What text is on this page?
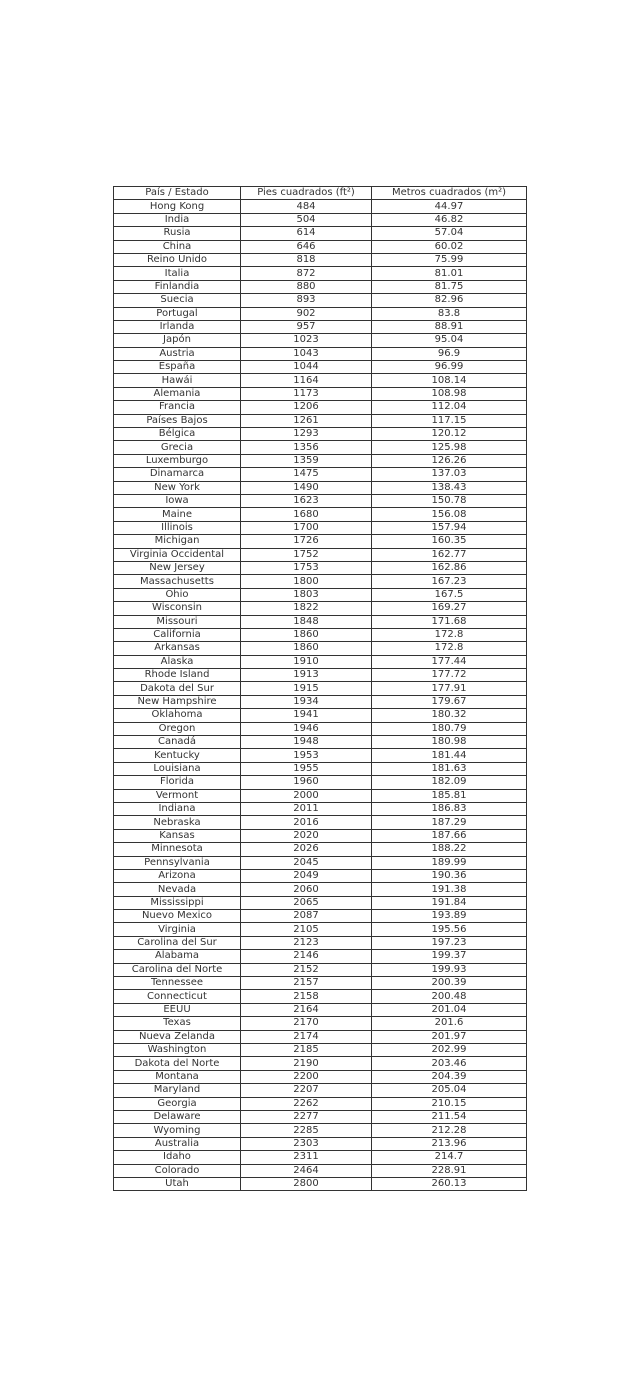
País / Estado	Pies cuadrados (ft²)	Metros cuadrados (m²)
Hong Kong	484	44.97
India	504	46.82
Rusia	614	57.04
China	646	60.02
Reino Unido	818	75.99
Italia	872	81.01
Finlandia	880	81.75
Suecia	893	82.96
Portugal	902	83.8
Irlanda	957	88.91
Japón	1023	95.04
Austria	1043	96.9
España	1044	96.99
Hawái	1164	108.14
Alemania	1173	108.98
Francia	1206	112.04
Países Bajos	1261	117.15
Bélgica	1293	120.12
Grecia	1356	125.98
Luxemburgo	1359	126.26
Dinamarca	1475	137.03
New York	1490	138.43
Iowa	1623	150.78
Maine	1680	156.08
Illinois	1700	157.94
Michigan	1726	160.35
Virginia Occidental	1752	162.77
New Jersey	1753	162.86
Massachusetts	1800	167.23
Ohio	1803	167.5
Wisconsin	1822	169.27
Missouri	1848	171.68
California	1860	172.8
Arkansas	1860	172.8
Alaska	1910	177.44
Rhode Island	1913	177.72
Dakota del Sur	1915	177.91
New Hampshire	1934	179.67
Oklahoma	1941	180.32
Oregon	1946	180.79
Canadá	1948	180.98
Kentucky	1953	181.44
Louisiana	1955	181.63
Florida	1960	182.09
Vermont	2000	185.81
Indiana	2011	186.83
Nebraska	2016	187.29
Kansas	2020	187.66
Minnesota	2026	188.22
Pennsylvania	2045	189.99
Arizona	2049	190.36
Nevada	2060	191.38
Mississippi	2065	191.84
Nuevo Mexico	2087	193.89
Virginia	2105	195.56
Carolina del Sur	2123	197.23
Alabama	2146	199.37
Carolina del Norte	2152	199.93
Tennessee	2157	200.39
Connecticut	2158	200.48
EEUU	2164	201.04
Texas	2170	201.6
Nueva Zelanda	2174	201.97
Washington	2185	202.99
Dakota del Norte	2190	203.46
Montana	2200	204.39
Maryland	2207	205.04
Georgia	2262	210.15
Delaware	2277	211.54
Wyoming	2285	212.28
Australia	2303	213.96
Idaho	2311	214.7
Colorado	2464	228.91
Utah	2800	260.13
